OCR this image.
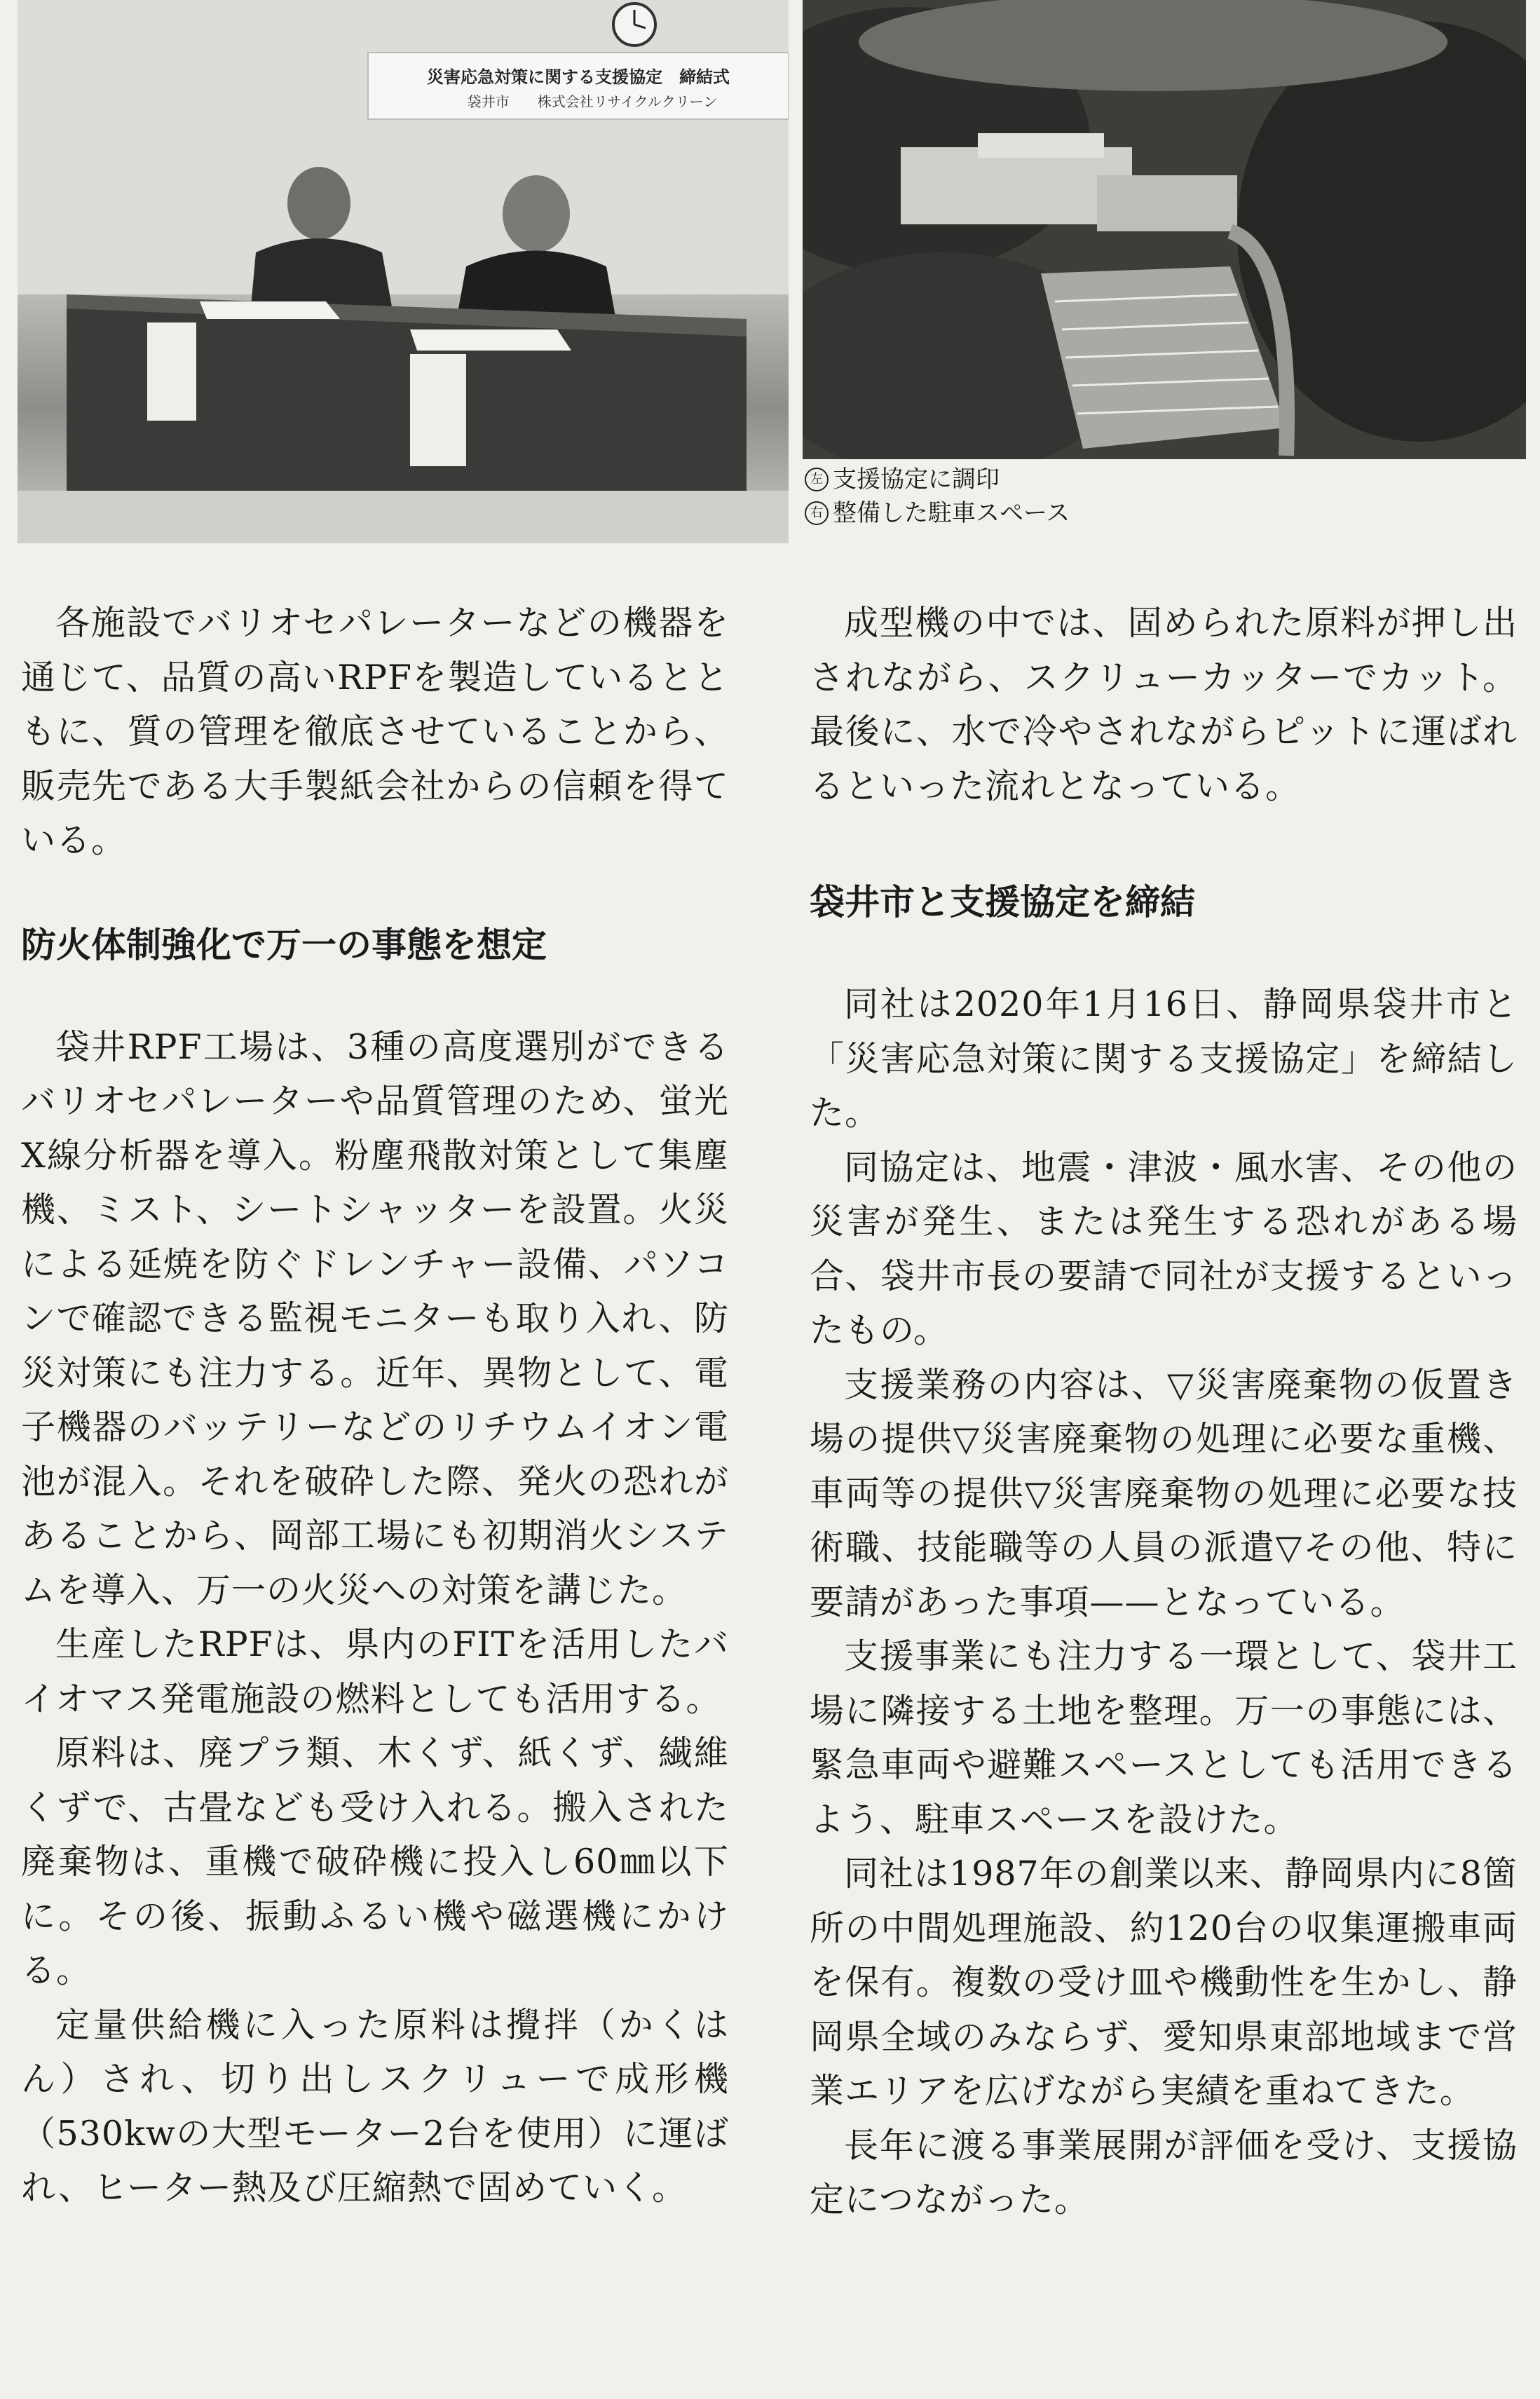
災害応急対策に関する支援協定　締結式
袋井市　　株式会社リサイクルクリーン
左 支援協定に調印
右 整備した駐車スペース

各施設でバリオセパレーターなどの機器を通じて、品質の高いRPFを製造しているとともに、質の管理を徹底させていることから、販売先である大手製紙会社からの信頼を得ている。

防火体制強化で万一の事態を想定

袋井RPF工場は、3種の高度選別ができるバリオセパレーターや品質管理のため、蛍光X線分析器を導入。粉塵飛散対策として集塵機、ミスト、シートシャッターを設置。火災による延焼を防ぐドレンチャー設備、パソコンで確認できる監視モニターも取り入れ、防災対策にも注力する。近年、異物として、電子機器のバッテリーなどのリチウムイオン電池が混入。それを破砕した際、発火の恐れがあることから、岡部工場にも初期消火システムを導入、万一の火災への対策を講じた。

生産したRPFは、県内のFITを活用したバイオマス発電施設の燃料としても活用する。

原料は、廃プラ類、木くず、紙くず、繊維くずで、古畳なども受け入れる。搬入された廃棄物は、重機で破砕機に投入し60㎜以下に。その後、振動ふるい機や磁選機にかける。

定量供給機に入った原料は攪拌（かくはん）され、切り出しスクリューで成形機（530kwの大型モーター2台を使用）に運ばれ、ヒーター熱及び圧縮熱で固めていく。

成型機の中では、固められた原料が押し出されながら、スクリューカッターでカット。最後に、水で冷やされながらピットに運ばれるといった流れとなっている。

袋井市と支援協定を締結

同社は2020年1月16日、静岡県袋井市と「災害応急対策に関する支援協定」を締結した。

同協定は、地震・津波・風水害、その他の災害が発生、または発生する恐れがある場合、袋井市長の要請で同社が支援するといったもの。

支援業務の内容は、▽災害廃棄物の仮置き場の提供▽災害廃棄物の処理に必要な重機、車両等の提供▽災害廃棄物の処理に必要な技術職、技能職等の人員の派遣▽その他、特に要請があった事項——となっている。

支援事業にも注力する一環として、袋井工場に隣接する土地を整理。万一の事態には、緊急車両や避難スペースとしても活用できるよう、駐車スペースを設けた。

同社は1987年の創業以来、静岡県内に8箇所の中間処理施設、約120台の収集運搬車両を保有。複数の受け皿や機動性を生かし、静岡県全域のみならず、愛知県東部地域まで営業エリアを広げながら実績を重ねてきた。

長年に渡る事業展開が評価を受け、支援協定につながった。
